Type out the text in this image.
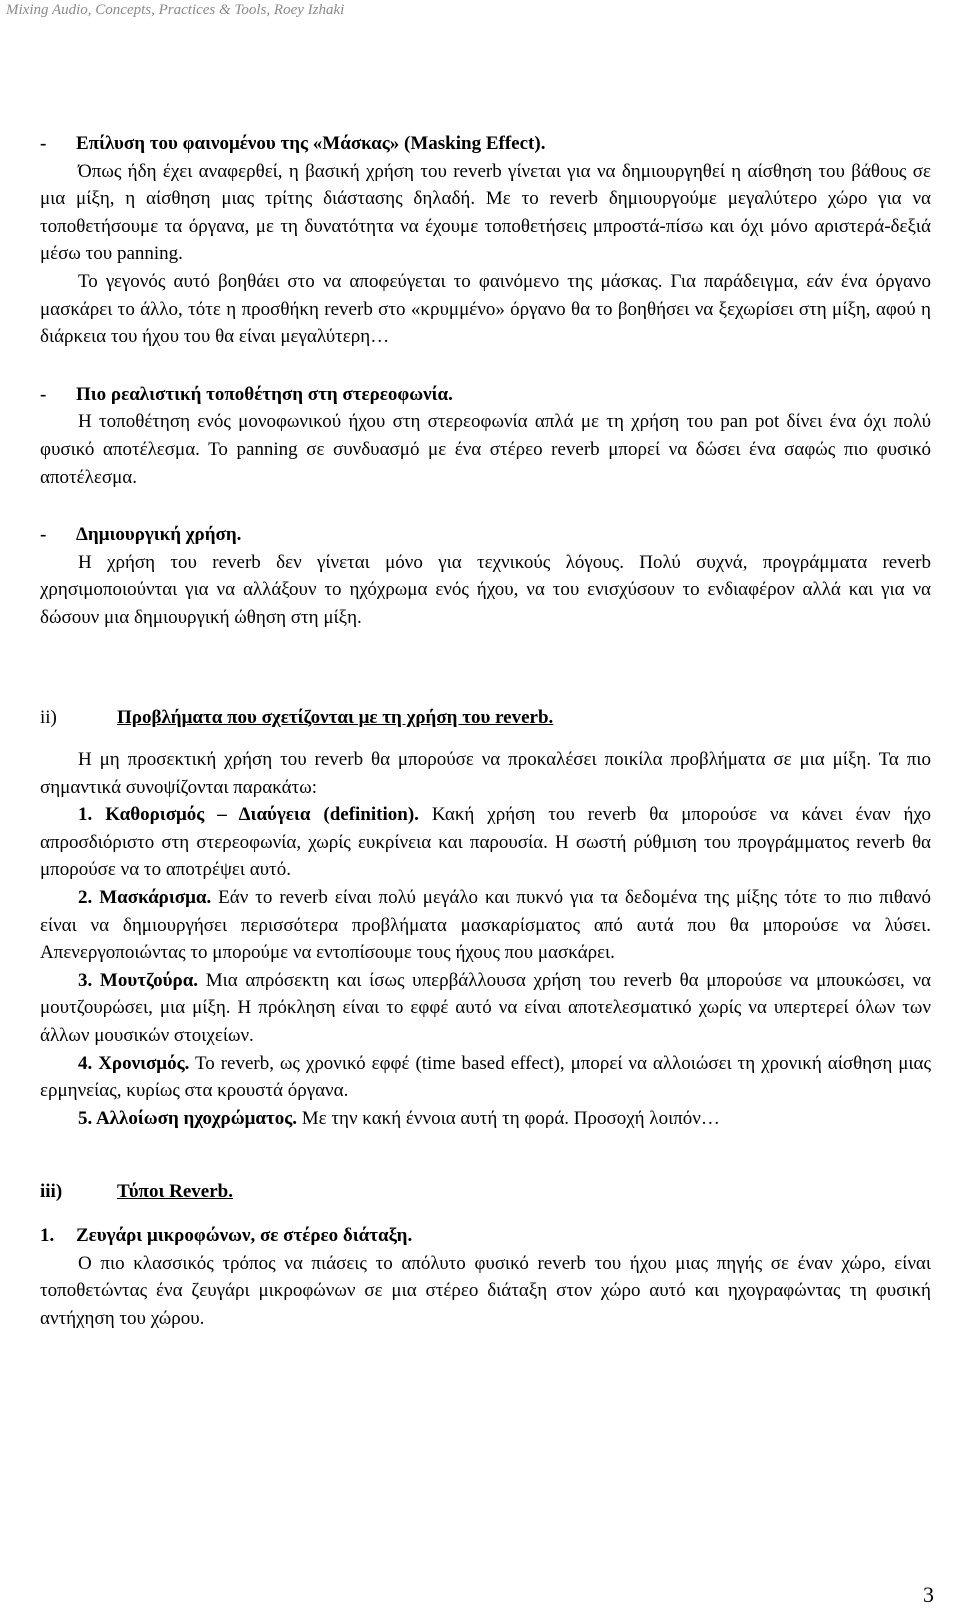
Mixing Audio, Concepts, Practices & Tools, Roey Izhaki
- Επίλυση του φαινομένου της «Μάσκας» (Masking Effect).
Όπως ήδη έχει αναφερθεί, η βασική χρήση του reverb γίνεται για να δημιουργηθεί η αίσθηση του βάθους σε μια μίξη, η αίσθηση μιας τρίτης διάστασης δηλαδή. Με το reverb δημιουργούμε μεγαλύτερο χώρο για να τοποθετήσουμε τα όργανα, με τη δυνατότητα να έχουμε τοποθετήσεις μπροστά-πίσω και όχι μόνο αριστερά-δεξιά μέσω του panning.
Το γεγονός αυτό βοηθάει στο να αποφεύγεται το φαινόμενο της μάσκας. Για παράδειγμα, εάν ένα όργανο μασκάρει το άλλο, τότε η προσθήκη reverb στο «κρυμμένο» όργανο θα το βοηθήσει να ξεχωρίσει στη μίξη, αφού η διάρκεια του ήχου του θα είναι μεγαλύτερη…
- Πιο ρεαλιστική τοποθέτηση στη στερεοφωνία.
Η τοποθέτηση ενός μονοφωνικού ήχου στη στερεοφωνία απλά με τη χρήση του pan pot δίνει ένα όχι πολύ φυσικό αποτέλεσμα. Το panning σε συνδυασμό με ένα στέρεο reverb μπορεί να δώσει ένα σαφώς πιο φυσικό αποτέλεσμα.
- Δημιουργική χρήση.
Η χρήση του reverb δεν γίνεται μόνο για τεχνικούς λόγους. Πολύ συχνά, προγράμματα reverb χρησιμοποιούνται για να αλλάξουν το ηχόχρωμα ενός ήχου, να του ενισχύσουν το ενδιαφέρον αλλά και για να δώσουν μια δημιουργική ώθηση στη μίξη.
ii)	Προβλήματα που σχετίζονται με τη χρήση του reverb.
Η μη προσεκτική χρήση του reverb θα μπορούσε να προκαλέσει ποικίλα προβλήματα σε μια μίξη. Τα πιο σημαντικά συνοψίζονται παρακάτω:
1. Καθορισμός – Διαύγεια (definition). Κακή χρήση του reverb θα μπορούσε να κάνει έναν ήχο απροσδιόριστο στη στερεοφωνία, χωρίς ευκρίνεια και παρουσία. Η σωστή ρύθμιση του προγράμματος reverb θα μπορούσε να το αποτρέψει αυτό.
2. Μασκάρισμα. Εάν το reverb είναι πολύ μεγάλο και πυκνό για τα δεδομένα της μίξης τότε το πιο πιθανό είναι να δημιουργήσει περισσότερα προβλήματα μασκαρίσματος από αυτά που θα μπορούσε να λύσει. Απενεργοποιώντας το μπορούμε να εντοπίσουμε τους ήχους που μασκάρει.
3. Μουτζούρα. Μια απρόσεκτη και ίσως υπερβάλλουσα χρήση του reverb θα μπορούσε να μπουκώσει, να μουτζουρώσει, μια μίξη. Η πρόκληση είναι το εφφέ αυτό να είναι αποτελεσματικό χωρίς να υπερτερεί όλων των άλλων μουσικών στοιχείων.
4. Χρονισμός. Το reverb, ως χρονικό εφφέ (time based effect), μπορεί να αλλοιώσει τη χρονική αίσθηση μιας ερμηνείας, κυρίως στα κρουστά όργανα.
5. Αλλοίωση ηχοχρώματος. Με την κακή έννοια αυτή τη φορά. Προσοχή λοιπόν…
iii)	Τύποι Reverb.
1. Ζευγάρι μικροφώνων, σε στέρεο διάταξη.
Ο πιο κλασσικός τρόπος να πιάσεις το απόλυτο φυσικό reverb του ήχου μιας πηγής σε έναν χώρο, είναι τοποθετώντας ένα ζευγάρι μικροφώνων σε μια στέρεο διάταξη στον χώρο αυτό και ηχογραφώντας τη φυσική αντήχηση του χώρου.
3
